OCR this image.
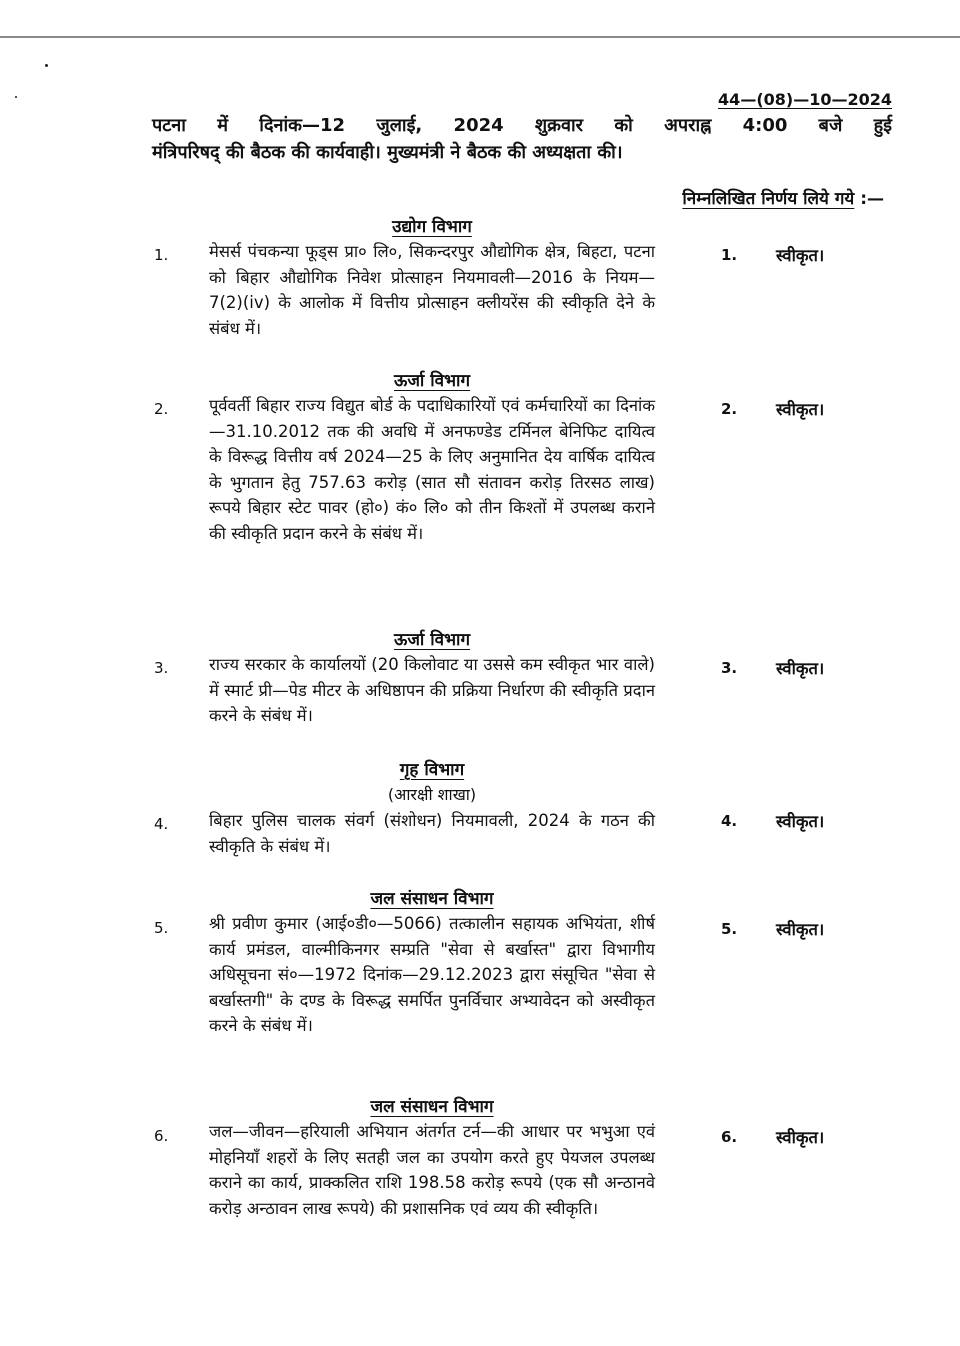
44—(08)—10—2024
पटना में दिनांक—12 जुलाई, 2024 शुक्रवार को अपराह्न 4:00 बजे हुई
मंत्रिपरिषद् की बैठक की कार्यवाही। मुख्यमंत्री ने बैठक की अध्यक्षता की।
निम्नलिखित निर्णय लिये गये :—
उद्योग विभाग
1. मेसर्स पंचकन्या फूड्स प्रा० लि०, सिकन्दरपुर औद्योगिक क्षेत्र, बिहटा, पटना को बिहार औद्योगिक निवेश प्रोत्साहन नियमावली—2016 के नियम—7(2)(iv) के आलोक में वित्तीय प्रोत्साहन क्लीयरेंस की स्वीकृति देने के संबंध में।
1. स्वीकृत।
ऊर्जा विभाग
2. पूर्ववर्ती बिहार राज्य विद्युत बोर्ड के पदाधिकारियों एवं कर्मचारियों का दिनांक—31.10.2012 तक की अवधि में अनफण्डेड टर्मिनल बेनिफिट दायित्व के विरूद्ध वित्तीय वर्ष 2024—25 के लिए अनुमानित देय वार्षिक दायित्व के भुगतान हेतु 757.63 करोड़ (सात सौ संतावन करोड़ तिरसठ लाख) रूपये बिहार स्टेट पावर (हो०) कं० लि० को तीन किश्तों में उपलब्ध कराने की स्वीकृति प्रदान करने के संबंध में।
2. स्वीकृत।
ऊर्जा विभाग
3. राज्य सरकार के कार्यालयों (20 किलोवाट या उससे कम स्वीकृत भार वाले) में स्मार्ट प्री—पेड मीटर के अधिष्ठापन की प्रक्रिया निर्धारण की स्वीकृति प्रदान करने के संबंध में।
3. स्वीकृत।
गृह विभाग
(आरक्षी शाखा)
4. बिहार पुलिस चालक संवर्ग (संशोधन) नियमावली, 2024 के गठन की स्वीकृति के संबंध में।
4. स्वीकृत।
जल संसाधन विभाग
5. श्री प्रवीण कुमार (आई०डी०—5066) तत्कालीन सहायक अभियंता, शीर्ष कार्य प्रमंडल, वाल्मीकिनगर सम्प्रति "सेवा से बर्खास्त" द्वारा विभागीय अधिसूचना सं०—1972 दिनांक—29.12.2023 द्वारा संसूचित "सेवा से बर्खास्तगी" के दण्ड के विरूद्ध समर्पित पुनर्विचार अभ्यावेदन को अस्वीकृत करने के संबंध में।
5. स्वीकृत।
जल संसाधन विभाग
6. जल—जीवन—हरियाली अभियान अंतर्गत टर्न—की आधार पर भभुआ एवं मोहनियाँ शहरों के लिए सतही जल का उपयोग करते हुए पेयजल उपलब्ध कराने का कार्य, प्राक्कलित राशि 198.58 करोड़ रूपये (एक सौ अन्ठानवे करोड़ अन्ठावन लाख रूपये) की प्रशासनिक एवं व्यय की स्वीकृति।
6. स्वीकृत।
